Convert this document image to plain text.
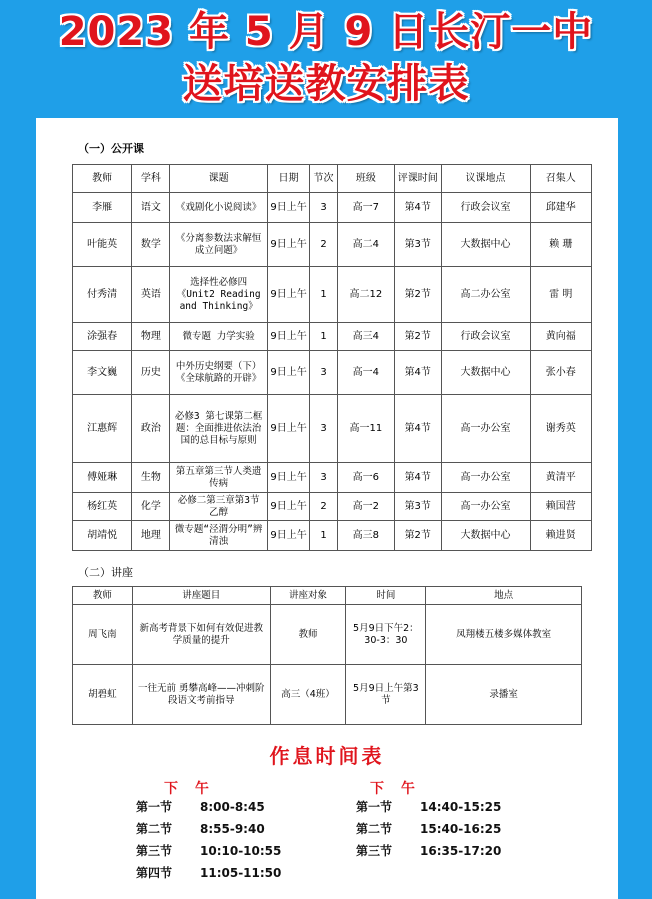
2023 年 5 月 9 日长汀一中
送培送教安排表
（一）公开课
教师	学科	课题	日期	节次	班级	评课时间	议课地点	召集人
李雁	语文	《戏剧化小说阅读》	9日上午	3	高一7	第4节	行政会议室	邱建华
叶能英	数学	《分离参数法求解恒成立问题》	9日上午	2	高二4	第3节	大数据中心	赖 珊
付秀清	英语	选择性必修四《Unit2 Reading and Thinking》	9日上午	1	高二12	第2节	高二办公室	雷 明
涂强春	物理	微专题 力学实验	9日上午	1	高三4	第2节	行政会议室	黄向福
李文巍	历史	中外历史纲要（下）《全球航路的开辟》	9日上午	3	高一4	第4节	大数据中心	张小春
江惠辉	政治	必修3 第七课第二框题：全面推进依法治国的总目标与原则	9日上午	3	高一11	第4节	高一办公室	谢秀英
傅娅琳	生物	第五章第三节人类遗传病	9日上午	3	高一6	第4节	高一办公室	黄清平
杨红英	化学	必修二第三章第3节 乙醇	9日上午	2	高一2	第3节	高一办公室	赖国营
胡靖悦	地理	微专题“泾渭分明”辨清浊	9日上午	1	高三8	第2节	大数据中心	赖进贤
（二）讲座
教师	讲座题目	讲座对象	时间	地点
周飞南	新高考背景下如何有效促进教学质量的提升	教师	5月9日下午2：30-3：30	凤翔楼五楼多媒体教室
胡碧虹	一往无前 勇攀高峰——冲刺阶段语文考前指导	高三（4班）	5月9日上午第3节	录播室
作息时间表
下 午	下 午
第一节 8:00-8:45
第二节 8:55-9:40
第三节 10:10-10:55
第四节 11:05-11:50
第一节 14:40-15:25
第二节 15:40-16:25
第三节 16:35-17:20
